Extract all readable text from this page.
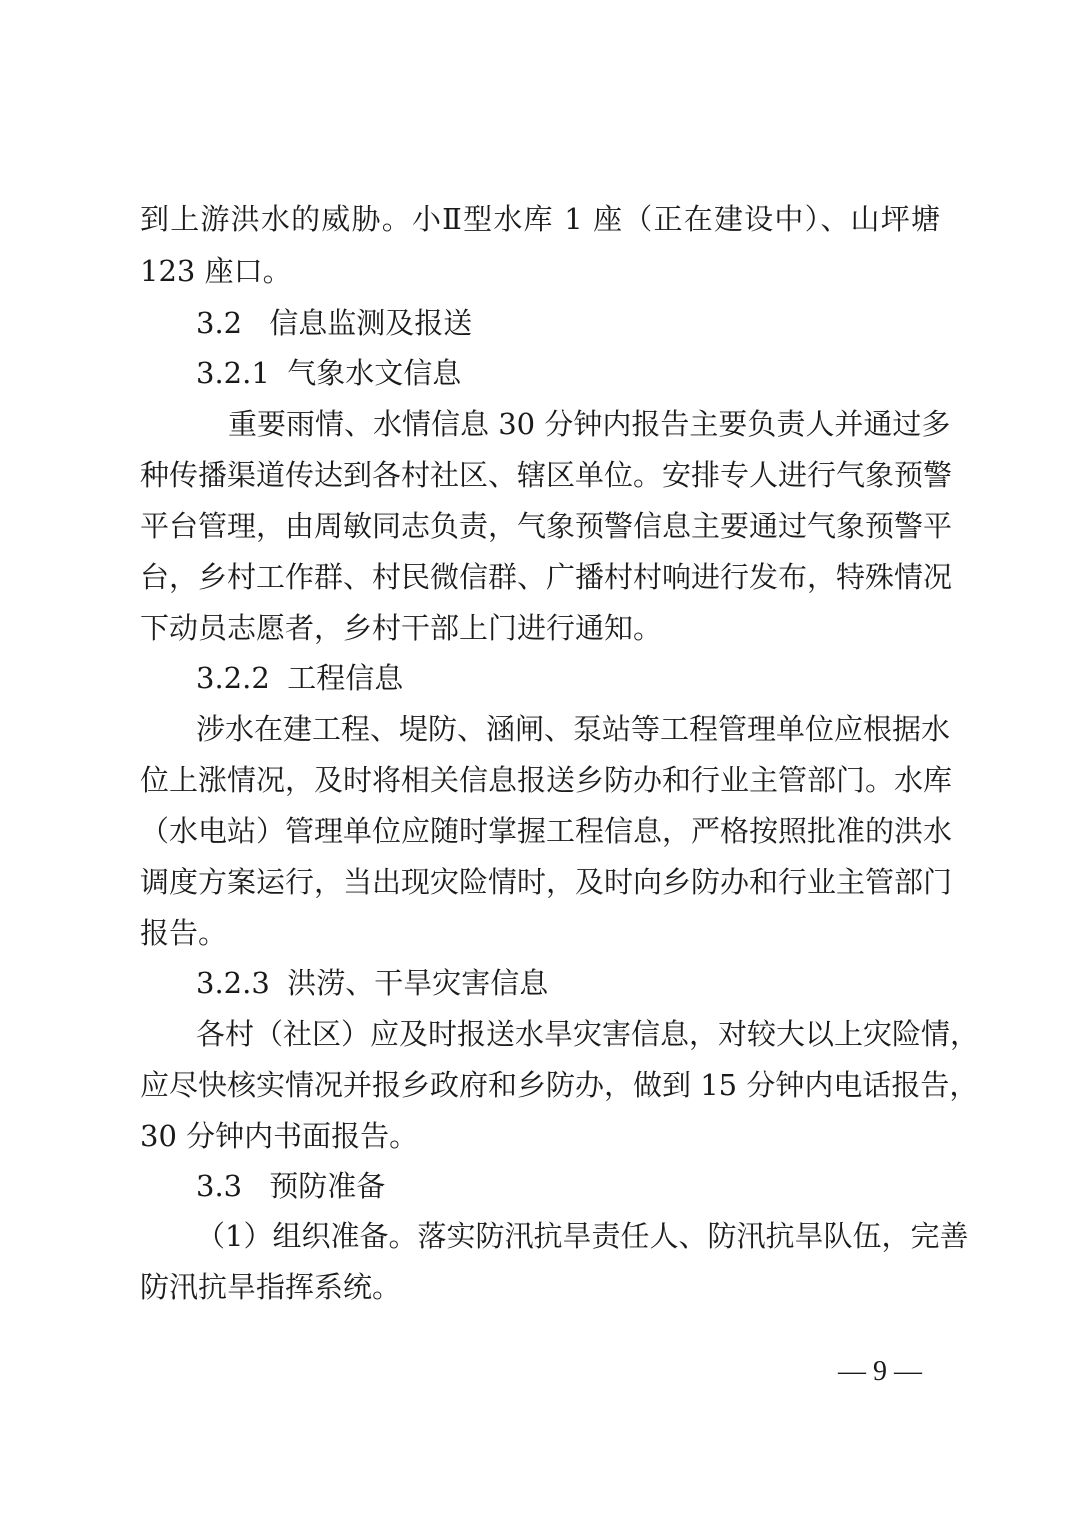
到上游洪水的威胁。小Ⅱ型水库 1 座（正在建设中）、山坪塘
123 座口。
3.2 信息监测及报送
3.2.1 气象水文信息
重要雨情、水情信息 30 分钟内报告主要负责人并通过多
种传播渠道传达到各村社区、辖区单位。安排专人进行气象预警
平台管理，由周敏同志负责，气象预警信息主要通过气象预警平
台，乡村工作群、村民微信群、广播村村响进行发布，特殊情况
下动员志愿者，乡村干部上门进行通知。
3.2.2 工程信息
涉水在建工程、堤防、涵闸、泵站等工程管理单位应根据水
位上涨情况，及时将相关信息报送乡防办和行业主管部门。水库
（水电站）管理单位应随时掌握工程信息，严格按照批准的洪水
调度方案运行，当出现灾险情时，及时向乡防办和行业主管部门
报告。
3.2.3 洪涝、干旱灾害信息
各村（社区）应及时报送水旱灾害信息，对较大以上灾险情，
应尽快核实情况并报乡政府和乡防办，做到 15 分钟内电话报告，
30 分钟内书面报告。
3.3 预防准备
（1）组织准备。落实防汛抗旱责任人、防汛抗旱队伍，完善
防汛抗旱指挥系统。
— 9 —
